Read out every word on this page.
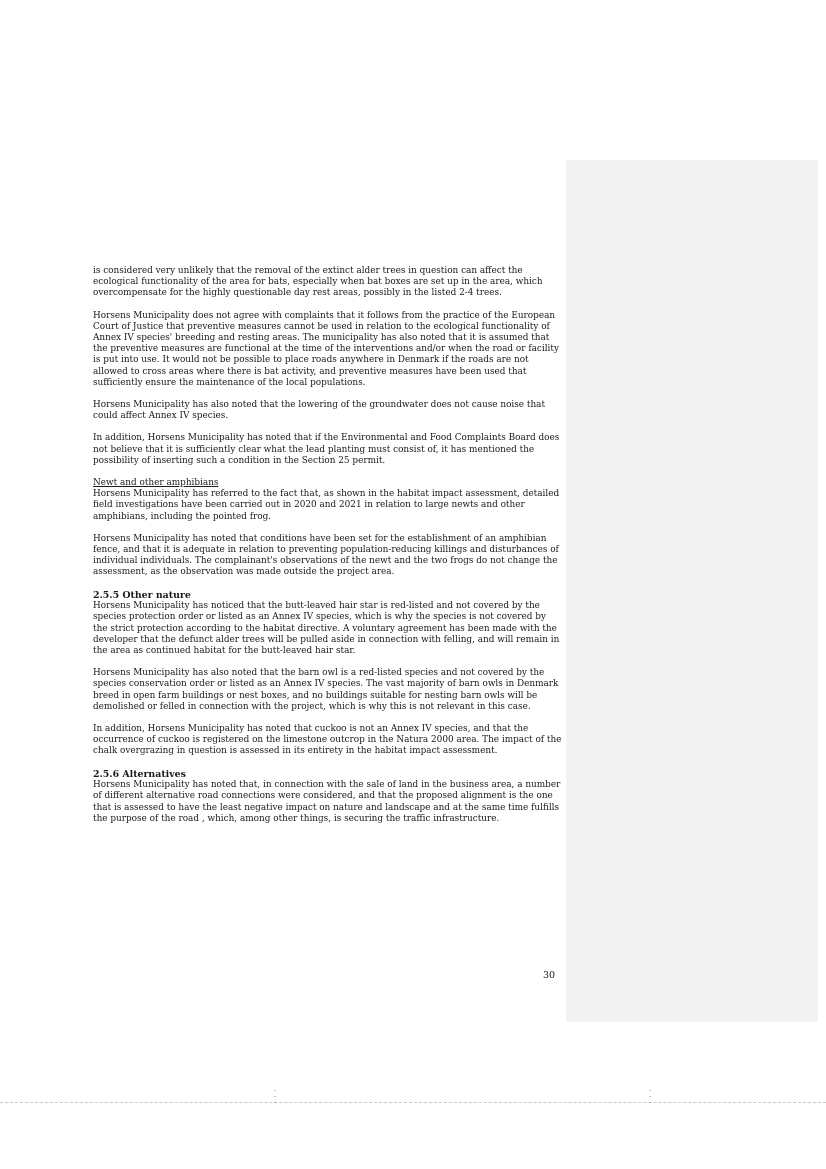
is considered very unlikely that the removal of the extinct alder trees in question can affect the ecological functionality of the area for bats, especially when bat boxes are set up in the area, which overcompensate for the highly questionable day rest areas, possibly in the listed 2-4 trees.

Horsens Municipality does not agree with complaints that it follows from the practice of the European Court of Justice that preventive measures cannot be used in relation to the ecological functionality of Annex IV species' breeding and resting areas. The municipality has also noted that it is assumed that the preventive measures are functional at the time of the interventions and/or when the road or facility is put into use. It would not be possible to place roads anywhere in Denmark if the roads are not allowed to cross areas where there is bat activity, and preventive measures have been used that sufficiently ensure the maintenance of the local populations.

Horsens Municipality has also noted that the lowering of the groundwater does not cause noise that could affect Annex IV species.

In addition, Horsens Municipality has noted that if the Environmental and Food Complaints Board does not believe that it is sufficiently clear what the lead planting must consist of, it has mentioned the possibility of inserting such a condition in the Section 25 permit.

Newt and other amphibians

Horsens Municipality has referred to the fact that, as shown in the habitat impact assessment, detailed field investigations have been carried out in 2020 and 2021 in relation to large newts and other amphibians, including the pointed frog.

Horsens Municipality has noted that conditions have been set for the establishment of an amphibian fence, and that it is adequate in relation to preventing population-reducing killings and disturbances of individual individuals. The complainant's observations of the newt and the two frogs do not change the assessment, as the observation was made outside the project area.

2.5.5 Other nature

Horsens Municipality has noticed that the butt-leaved hair star is red-listed and not covered by the species protection order or listed as an Annex IV species, which is why the species is not covered by the strict protection according to the habitat directive. A voluntary agreement has been made with the developer that the defunct alder trees will be pulled aside in connection with felling, and will remain in the area as continued habitat for the butt-leaved hair star.

Horsens Municipality has also noted that the barn owl is a red-listed species and not covered by the species conservation order or listed as an Annex IV species. The vast majority of barn owls in Denmark breed in open farm buildings or nest boxes, and no buildings suitable for nesting barn owls will be demolished or felled in connection with the project, which is why this is not relevant in this case.

In addition, Horsens Municipality has noted that cuckoo is not an Annex IV species, and that the occurrence of cuckoo is registered on the limestone outcrop in the Natura 2000 area. The impact of the chalk overgrazing in question is assessed in its entirety in the habitat impact assessment.

2.5.6 Alternatives

Horsens Municipality has noted that, in connection with the sale of land in the business area, a number of different alternative road connections were considered, and that the proposed alignment is the one that is assessed to have the least negative impact on nature and landscape and at the same time fulfills the purpose of the road , which, among other things, is securing the traffic infrastructure.

30
·
·
·
·
·
·
